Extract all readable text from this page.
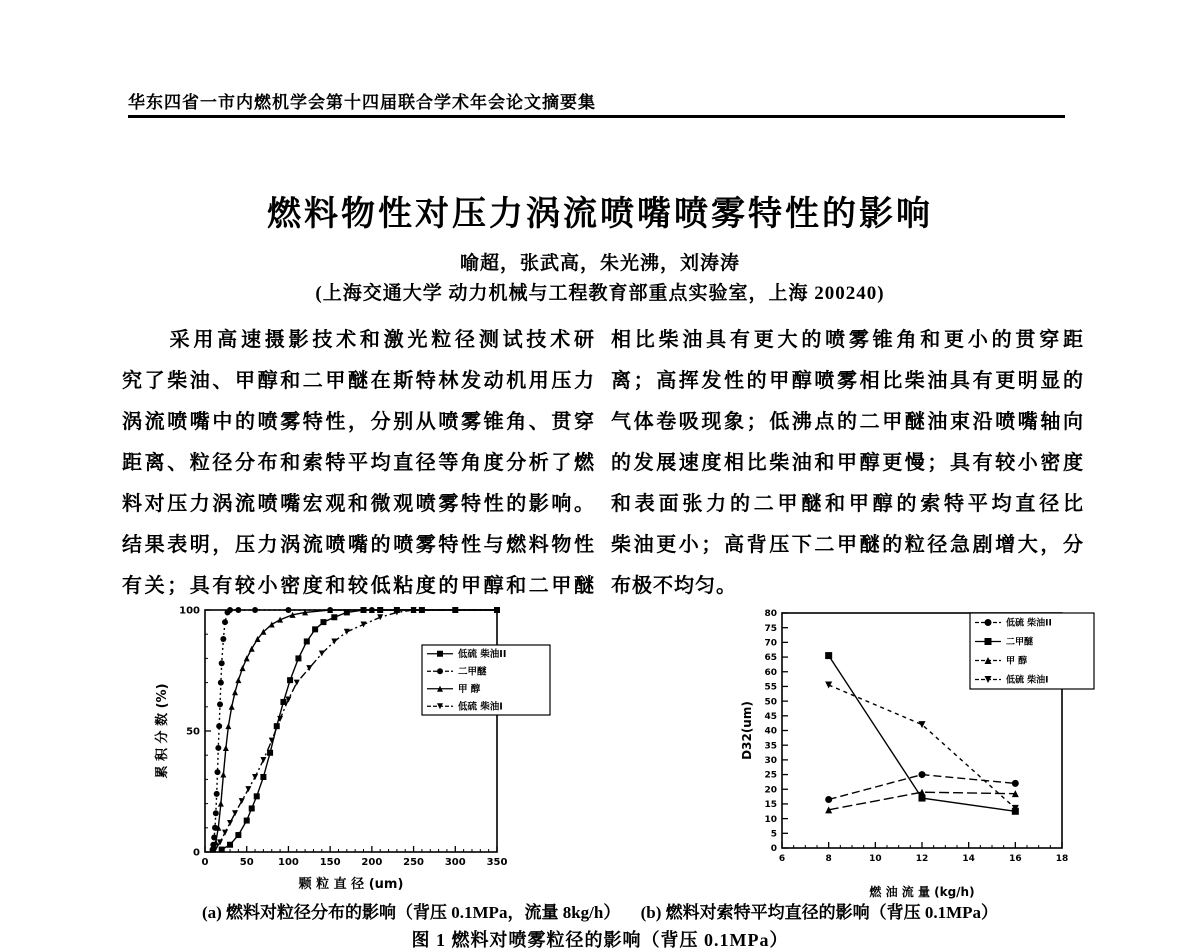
华东四省一市内燃机学会第十四届联合学术年会论文摘要集
燃料物性对压力涡流喷嘴喷雾特性的影响
喻超，张武高，朱光沸，刘涛涛
(上海交通大学 动力机械与工程教育部重点实验室，上海 200240)
　　采用高速摄影技术和激光粒径测试技术研
究了柴油、甲醇和二甲醚在斯特林发动机用压力
涡流喷嘴中的喷雾特性，分别从喷雾锥角、贯穿
距离、粒径分布和索特平均直径等角度分析了燃
料对压力涡流喷嘴宏观和微观喷雾特性的影响。
结果表明，压力涡流喷嘴的喷雾特性与燃料物性
有关；具有较小密度和较低粘度的甲醇和二甲醚
相比柴油具有更大的喷雾锥角和更小的贯穿距
离；高挥发性的甲醇喷雾相比柴油具有更明显的
气体卷吸现象；低沸点的二甲醚油束沿喷嘴轴向
的发展速度相比柴油和甲醇更慢；具有较小密度
和表面张力的二甲醚和甲醇的索特平均直径比
柴油更小；高背压下二甲醚的粒径急剧增大，分
布极不均匀。
0	50 100 150 200 250 300 350
0
50
100
低硫 柴油II
二甲醚
甲 醇
低硫 柴油I
颗 粒 直 径 (um)
累 积 分 数 (%)
6	8	10	12	14	16	18
0
5
10
15
20
25
30
35
40
45
50
55
60
65
70
75
80
低硫 柴油II
二甲醚
甲 醇
低硫 柴油I
燃 油 流 量 (kg/h)
D32(um)
(a) 燃料对粒径分布的影响（背压 0.1MPa，流量 8kg/h） (b) 燃料对索特平均直径的影响（背压 0.1MPa）
图 1 燃料对喷雾粒径的影响（背压 0.1MPa）
